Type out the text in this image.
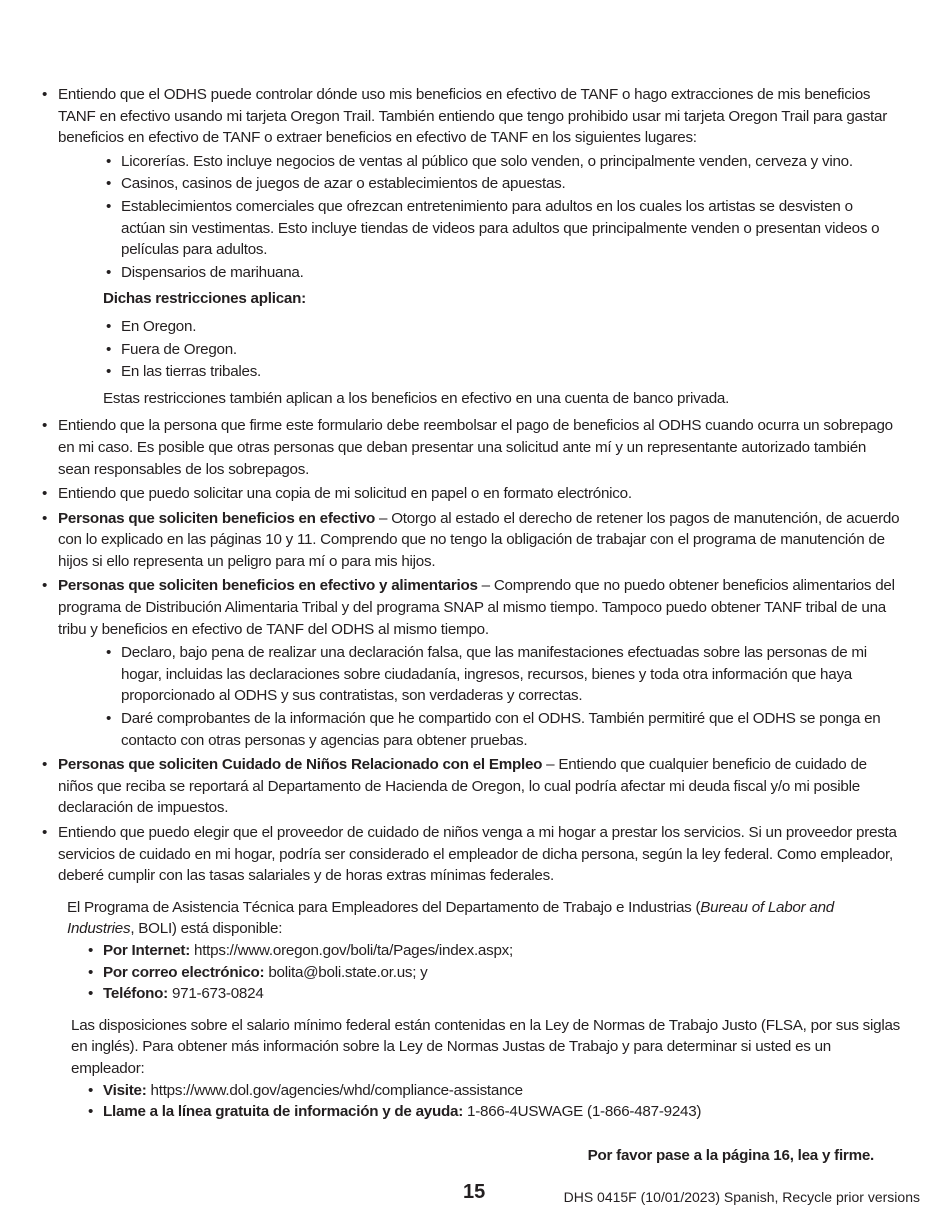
• Entiendo que el ODHS puede controlar dónde uso mis beneficios en efectivo de TANF o hago extracciones de mis beneficios TANF en efectivo usando mi tarjeta Oregon Trail. También entiendo que tengo prohibido usar mi tarjeta Oregon Trail para gastar beneficios en efectivo de TANF o extraer beneficios en efectivo de TANF en los siguientes lugares:
• Licorerías. Esto incluye negocios de ventas al público que solo venden, o principalmente venden, cerveza y vino.
• Casinos, casinos de juegos de azar o establecimientos de apuestas.
• Establecimientos comerciales que ofrezcan entretenimiento para adultos en los cuales los artistas se desvisten o actúan sin vestimentas. Esto incluye tiendas de videos para adultos que principalmente venden o presentan videos o películas para adultos.
• Dispensarios de marihuana.
Dichas restricciones aplican:
• En Oregon.
• Fuera de Oregon.
• En las tierras tribales.
Estas restricciones también aplican a los beneficios en efectivo en una cuenta de banco privada.
• Entiendo que la persona que firme este formulario debe reembolsar el pago de beneficios al ODHS cuando ocurra un sobrepago en mi caso. Es posible que otras personas que deban presentar una solicitud ante mí y un representante autorizado también sean responsables de los sobrepagos.
• Entiendo que puedo solicitar una copia de mi solicitud en papel o en formato electrónico.
• Personas que soliciten beneficios en efectivo – Otorgo al estado el derecho de retener los pagos de manutención, de acuerdo con lo explicado en las páginas 10 y 11. Comprendo que no tengo la obligación de trabajar con el programa de manutención de hijos si ello representa un peligro para mí o para mis hijos.
• Personas que soliciten beneficios en efectivo y alimentarios – Comprendo que no puedo obtener beneficios alimentarios del programa de Distribución Alimentaria Tribal y del programa SNAP al mismo tiempo. Tampoco puedo obtener TANF tribal de una tribu y beneficios en efectivo de TANF del ODHS al mismo tiempo.
• Declaro, bajo pena de realizar una declaración falsa, que las manifestaciones efectuadas sobre las personas de mi hogar, incluidas las declaraciones sobre ciudadanía, ingresos, recursos, bienes y toda otra información que haya proporcionado al ODHS y sus contratistas, son verdaderas y correctas.
• Daré comprobantes de la información que he compartido con el ODHS. También permitiré que el ODHS se ponga en contacto con otras personas y agencias para obtener pruebas.
• Personas que soliciten Cuidado de Niños Relacionado con el Empleo – Entiendo que cualquier beneficio de cuidado de niños que reciba se reportará al Departamento de Hacienda de Oregon, lo cual podría afectar mi deuda fiscal y/o mi posible declaración de impuestos.
• Entiendo que puedo elegir que el proveedor de cuidado de niños venga a mi hogar a prestar los servicios. Si un proveedor presta servicios de cuidado en mi hogar, podría ser considerado el empleador de dicha persona, según la ley federal. Como empleador, deberé cumplir con las tasas salariales y de horas extras mínimas federales.
El Programa de Asistencia Técnica para Empleadores del Departamento de Trabajo e Industrias (Bureau of Labor and Industries, BOLI) está disponible:
• Por Internet: https://www.oregon.gov/boli/ta/Pages/index.aspx;
• Por correo electrónico: bolita@boli.state.or.us; y
• Teléfono: 971-673-0824
Las disposiciones sobre el salario mínimo federal están contenidas en la Ley de Normas de Trabajo Justo (FLSA, por sus siglas en inglés). Para obtener más información sobre la Ley de Normas Justas de Trabajo y para determinar si usted es un empleador:
• Visite: https://www.dol.gov/agencies/whd/compliance-assistance
• Llame a la línea gratuita de información y de ayuda: 1-866-4USWAGE (1-866-487-9243)
Por favor pase a la página 16, lea y firme.
15	DHS 0415F (10/01/2023) Spanish, Recycle prior versions
